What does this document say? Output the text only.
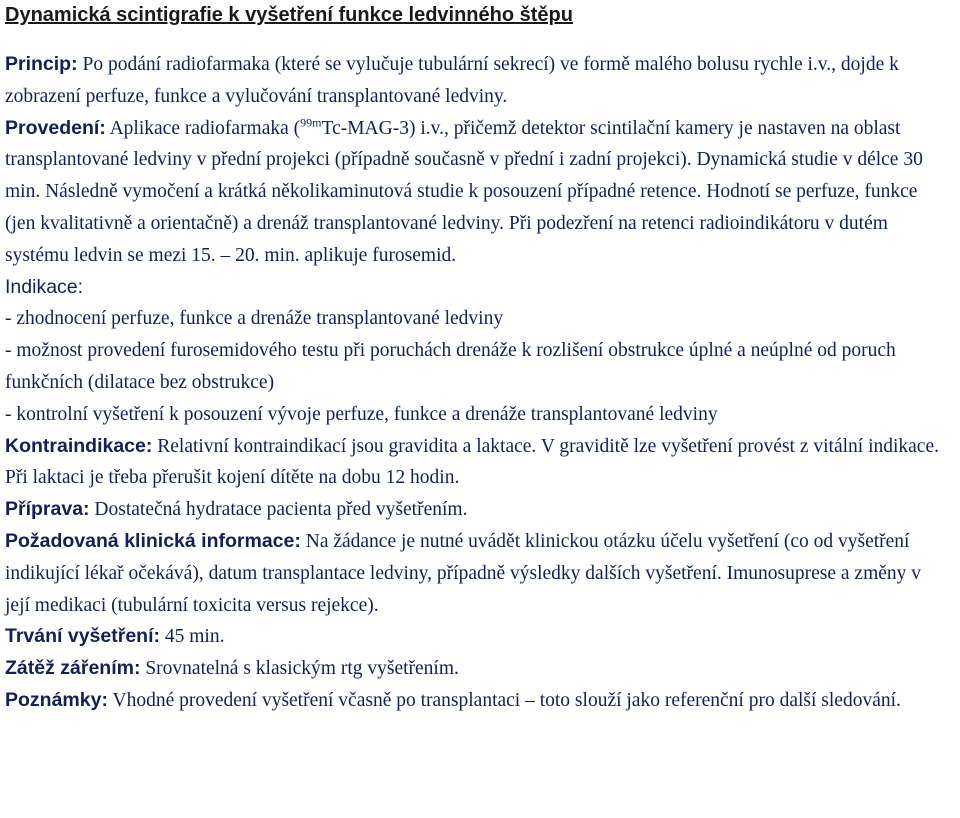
Dynamická scintigrafie k vyšetření funkce ledvinného štěpu

Princip: Po podání radiofarmaka (které se vylučuje tubulární sekrecí) ve formě malého bolusu rychle i.v., dojde k zobrazení perfuze, funkce a vylučování transplantované ledviny.

Provedení: Aplikace radiofarmaka ($^{99m}$Tc-MAG-3) i.v., přičemž detektor scintilační kamery je nastaven na oblast transplantované ledviny v přední projekci (případně současně v přední i zadní projekci). Dynamická studie v délce 30 min. Následně vymočení a krátká několikaminutová studie k posouzení případné retence. Hodnotí se perfuze, funkce (jen kvalitativně a orientačně) a drenáž transplantované ledviny. Při podezření na retenci radioindikátoru v dutém systému ledvin se mezi 15. – 20. min. aplikuje furosemid.

Indikace:

- zhodnocení perfuze, funkce a drenáže transplantované ledviny

- možnost provedení furosemidového testu při poruchách drenáže k rozlišení obstrukce úplné a neúplné od poruch funkčních (dilatace bez obstrukce)

- kontrolní vyšetření k posouzení vývoje perfuze, funkce a drenáže transplantované ledviny

Kontraindikace: Relativní kontraindikací jsou gravidita a laktace. V graviditě lze vyšetření provést z vitální indikace. Při laktaci je třeba přerušit kojení dítěte na dobu 12 hodin.

Příprava: Dostatečná hydratace pacienta před vyšetřením.

Požadovaná klinická informace: Na žádance je nutné uvádět klinickou otázku účelu vyšetření (co od vyšetření indikující lékař očekává), datum transplantace ledviny, případně výsledky dalších vyšetření. Imunosuprese a změny v její medikaci (tubulární toxicita versus rejekce).

Trvání vyšetření: 45 min.

Zátěž zářením: Srovnatelná s klasickým rtg vyšetřením.

Poznámky: Vhodné provedení vyšetření včasně po transplantaci – toto slouží jako referenční pro další sledování.
